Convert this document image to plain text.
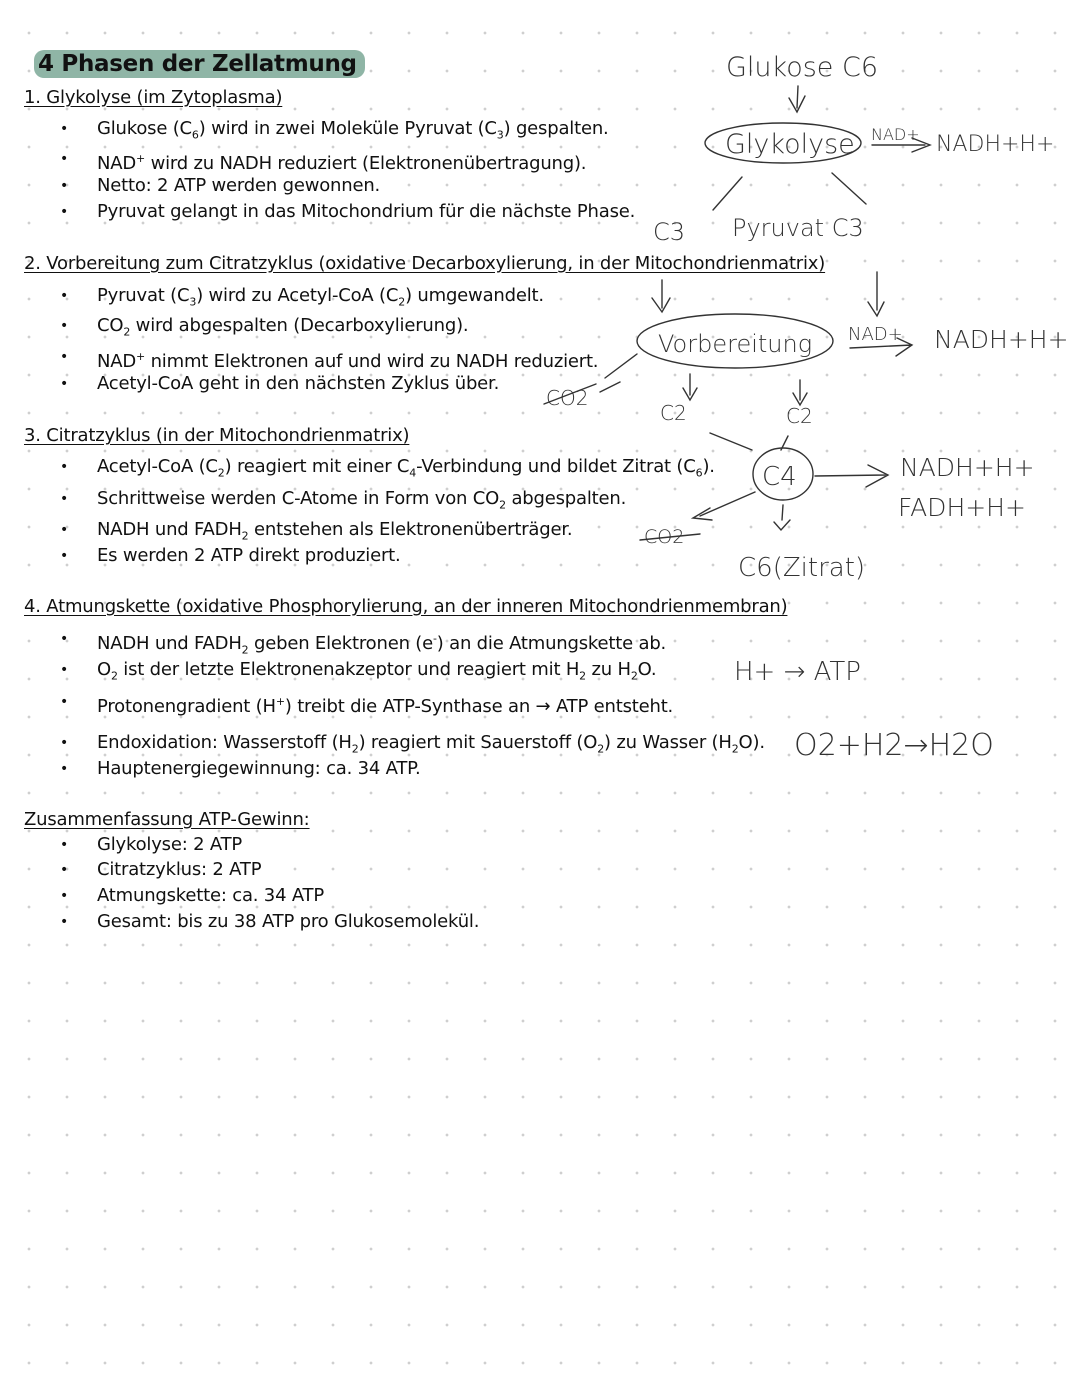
4 Phasen der Zellatmung
1. Glykolyse (im Zytoplasma)
• Glukose $(C_6)$ wird in zwei Moleküle Pyruvat $(C_3)$ gespalten.
• NAD+ wird zu NADH reduziert (Elektronenübertragung).
• Netto: 2 ATP werden gewonnen.
• Pyruvat gelangt in das Mitochondrium für die nächste Phase.
2. Vorbereitung zum Citratzyklus (oxidative Decarboxylierung, in der Mitochondrienmatrix)
• Pyruvat $(C_3)$ wird zu Acetyl-CoA $(C_2)$ umgewandelt.
• $CO_2$ wird abgespalten (Decarboxylierung).
• NAD+ nimmt Elektronen auf und wird zu NADH reduziert.
• Acetyl-CoA geht in den nächsten Zyklus über.
3. Citratzyklus (in der Mitochondrienmatrix)
• Acetyl-CoA $(C_2)$ reagiert mit einer $C_4$-Verbindung und bildet Zitrat $(C_6)$.
• Schrittweise werden C-Atome in Form von $CO_2$ abgespalten.
• NADH und $FADH_2$ entstehen als Elektronenüberträger.
• Es werden 2 ATP direkt produziert.
4. Atmungskette (oxidative Phosphorylierung, an der inneren Mitochondrienmembran)
• NADH und $FADH_2$ geben Elektronen (e-) an die Atmungskette ab.
• $O_2$ ist der letzte Elektronenakzeptor und reagiert mit $H_2$ zu $H_2O$.
• Protonengradient (H+) treibt die ATP-Synthase an → ATP entsteht.
• Endoxidation: Wasserstoff $(H_2)$ reagiert mit Sauerstoff $(O_2)$ zu Wasser $(H_2O)$.
• Hauptenergiegewinnung: ca. 34 ATP.
Zusammenfassung ATP-Gewinn:
• Glykolyse: 2 ATP
• Citratzyklus: 2 ATP
• Atmungskette: ca. 34 ATP
• Gesamt: bis zu 38 ATP pro Glukosemolekül.
Glukose C6
Glykolyse NAD+ NADH+H+
C3 Pyruvat C3
Vorbereitung NAD+ NADH+H+
CO2
C2	C2
C4	NADH+H+
FADH+H+
CO2
C6(Zitrat)
H+ → ATP
O2+H2→H2O
